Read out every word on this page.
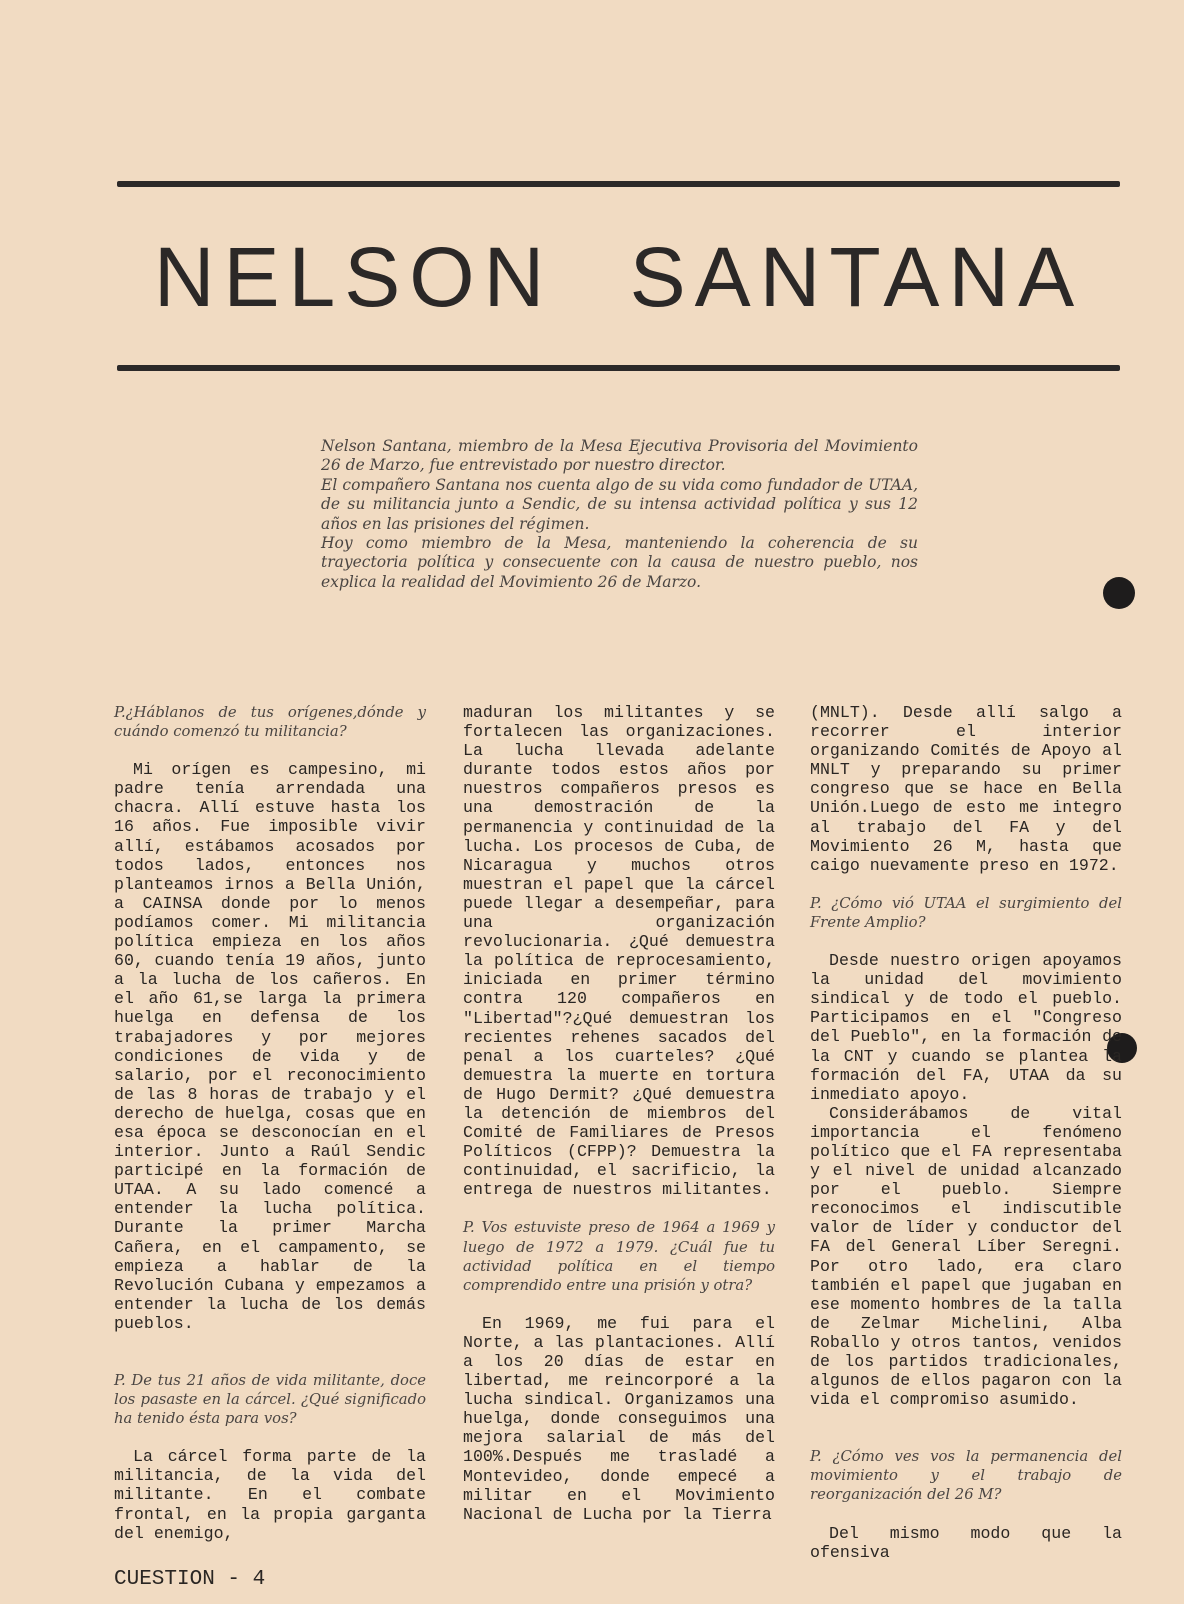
NELSON SANTANA

Nelson Santana, miembro de la Mesa Ejecutiva Provisoria del Movimiento 26 de Marzo, fue entrevistado por nuestro director.

El compañero Santana nos cuenta algo de su vida como fundador de UTAA, de su militancia junto a Sendic, de su intensa actividad política y sus 12 años en las prisiones del régimen.

Hoy como miembro de la Mesa, manteniendo la coherencia de su trayectoria política y consecuente con la causa de nuestro pueblo, nos explica la realidad del Movimiento 26 de Marzo.

P.¿Háblanos de tus orígenes,dónde y cuándo comenzó tu militancia?

Mi orígen es campesino, mi padre tenía arrendada una chacra. Allí estuve hasta los 16 años. Fue imposible vivir allí, estábamos acosados por todos lados, entonces nos planteamos irnos a Bella Unión, a CAINSA donde por lo menos podíamos comer. Mi militancia política empieza en los años 60, cuando tenía 19 años, junto a la lucha de los cañeros. En el año 61,se larga la primera huelga en defensa de los trabajadores y por mejores condiciones de vida y de salario, por el reconocimiento de las 8 horas de trabajo y el derecho de huelga, cosas que en esa época se desconocían en el interior. Junto a Raúl Sendic participé en la formación de UTAA. A su lado comencé a entender la lucha política. Durante la primer Marcha Cañera, en el campamento, se empieza a hablar de la Revolución Cubana y empezamos a entender la lucha de los demás pueblos.

P. De tus 21 años de vida militante, doce los pasaste en la cárcel. ¿Qué significado ha tenido ésta para vos?

La cárcel forma parte de la militancia, de la vida del militante. En el combate frontal, en la propia garganta del enemigo,

maduran los militantes y se fortalecen las organizaciones. La lucha llevada adelante durante todos estos años por nuestros compañeros presos es una demostración de la permanencia y continuidad de la lucha. Los procesos de Cuba, de Nicaragua y muchos otros muestran el papel que la cárcel puede llegar a desempeñar, para una organización revolucionaria. ¿Qué demuestra la política de reprocesamiento, iniciada en primer término contra 120 compañeros en "Libertad"?¿Qué demuestran los recientes rehenes sacados del penal a los cuarteles? ¿Qué demuestra la muerte en tortura de Hugo Dermit? ¿Qué demuestra la detención de miembros del Comité de Familiares de Presos Políticos (CFPP)? Demuestra la continuidad, el sacrificio, la entrega de nuestros militantes.

P. Vos estuviste preso de 1964 a 1969 y luego de 1972 a 1979. ¿Cuál fue tu actividad política en el tiempo comprendido entre una prisión y otra?

En 1969, me fui para el Norte, a las plantaciones. Allí a los 20 días de estar en libertad, me reincorporé a la lucha sindical. Organizamos una huelga, donde conseguimos una mejora salarial de más del 100%.Después me trasladé a Montevideo, donde empecé a militar en el Movimiento Nacional de Lucha por la Tierra

(MNLT). Desde allí salgo a recorrer el interior organizando Comités de Apoyo al MNLT y preparando su primer congreso que se hace en Bella Unión.Luego de esto me integro al trabajo del FA y del Movimiento 26 M, hasta que caigo nuevamente preso en 1972.

P. ¿Cómo vió UTAA el surgimiento del Frente Amplio?

Desde nuestro origen apoyamos la unidad del movimiento sindical y de todo el pueblo. Participamos en el "Congreso del Pueblo", en la formación de la CNT y cuando se plantea la formación del FA, UTAA da su inmediato apoyo.

Considerábamos de vital importancia el fenómeno político que el FA representaba y el nivel de unidad alcanzado por el pueblo. Siempre reconocimos el indiscutible valor de líder y conductor del FA del General Líber Seregni. Por otro lado, era claro también el papel que jugaban en ese momento hombres de la talla de Zelmar Michelini, Alba Roballo y otros tantos, venidos de los partidos tradicionales, algunos de ellos pagaron con la vida el compromiso asumido.

P. ¿Cómo ves vos la permanencia del movimiento y el trabajo de reorganización del 26 M?

Del mismo modo que la ofensiva

CUESTION - 4
